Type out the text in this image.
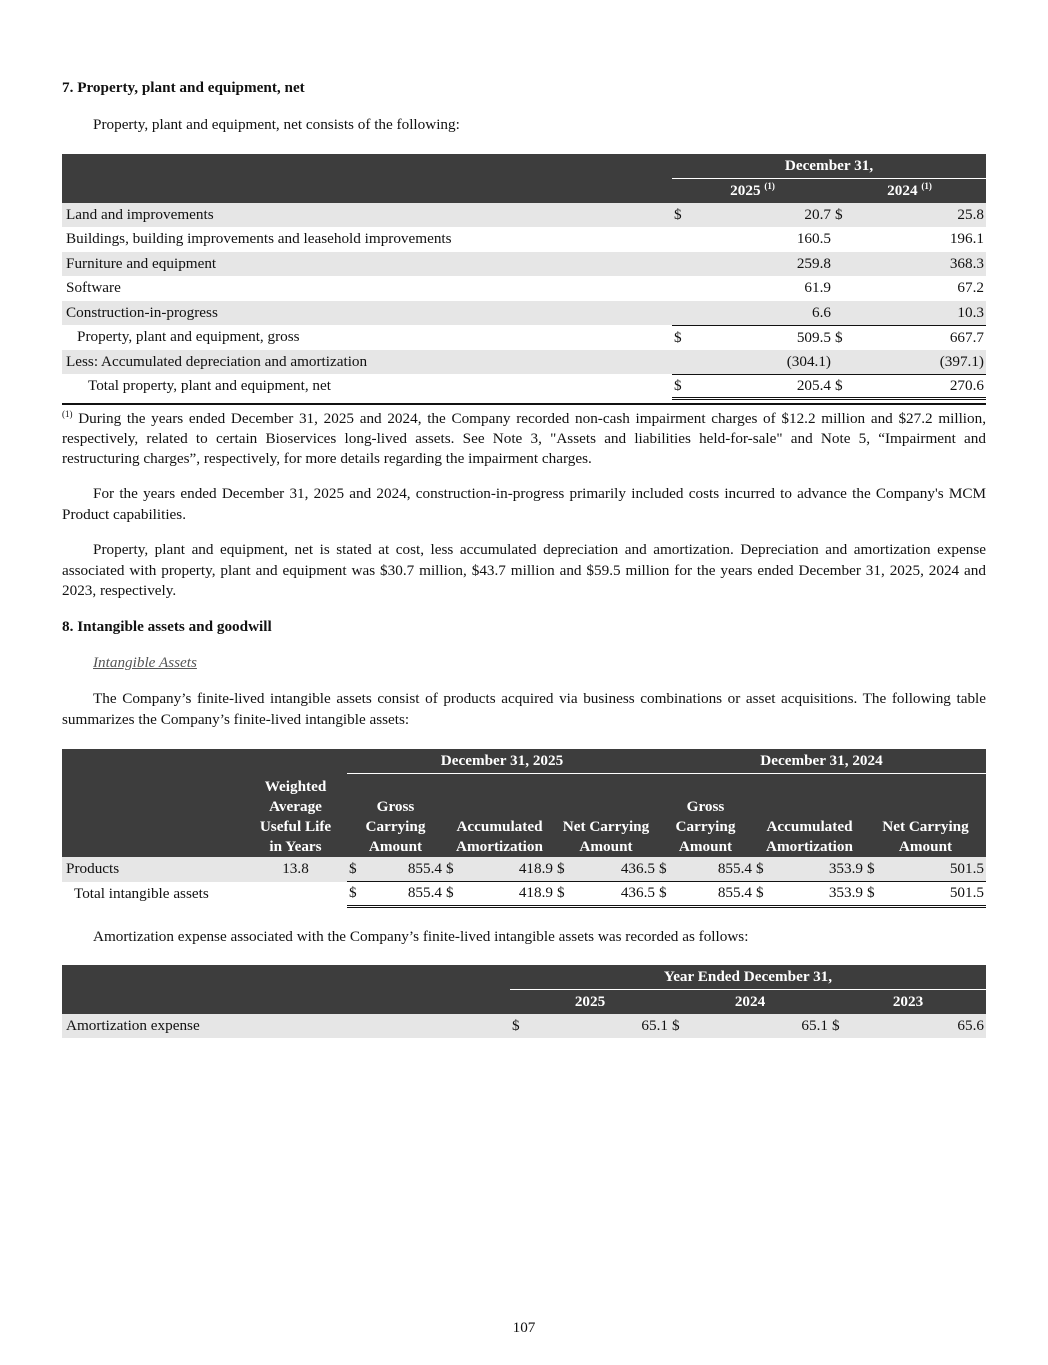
7. Property, plant and equipment, net
Property, plant and equipment, net consists of the following:
	December 31,			
	2025 $^{(1)}$		2024 $^{(1)}$
Land and improvements	$	20.7	$	25.8
Buildings, building improvements and leasehold improvements		160.5		196.1
Furniture and equipment		259.8		368.3
Software		61.9		67.2
Construction-in-progress		6.6		10.3
Property, plant and equipment, gross	$	509.5	$	667.7
Less: Accumulated depreciation and amortization		(304.1)		(397.1)
Total property, plant and equipment, net	$	205.4	$	270.6
$^{(1)}$ During the years ended December 31, 2025 and 2024, the Company recorded non-cash impairment charges of $12.2 million and $27.2 million, respectively, related to certain Bioservices long-lived assets. See Note 3, "Assets and liabilities held-for-sale" and Note 5, “Impairment and restructuring charges”, respectively, for more details regarding the impairment charges.
For the years ended December 31, 2025 and 2024, construction-in-progress primarily included costs incurred to advance the Company's MCM Product capabilities.
Property, plant and equipment, net is stated at cost, less accumulated depreciation and amortization. Depreciation and amortization expense associated with property, plant and equipment was $30.7 million, $43.7 million and $59.5 million for the years ended December 31, 2025, 2024 and 2023, respectively.
8. Intangible assets and goodwill
Intangible Assets
The Company’s finite-lived intangible assets consist of products acquired via business combinations or asset acquisitions. The following table summarizes the Company’s finite-lived intangible assets:
			December 31, 2025						December 31, 2024					
	Weighted
Average
Useful Life
in Years		Gross
Carrying
Amount		Accumulated
Amortization		Net Carrying
Amount		Gross
Carrying
Amount		Accumulated
Amortization		Net Carrying
Amount	
Products	13.8		$	855.4	$	418.9	$	436.5	$	855.4	$	353.9	$	501.5
Total intangible assets			$	855.4	$	418.9	$	436.5	$	855.4	$	353.9	$	501.5
Amortization expense associated with the Company’s finite-lived intangible assets was recorded as follows:
	Year Ended December 31,					
	2025		2024		2023	
Amortization expense	$	65.1	$	65.1	$	65.6
107
